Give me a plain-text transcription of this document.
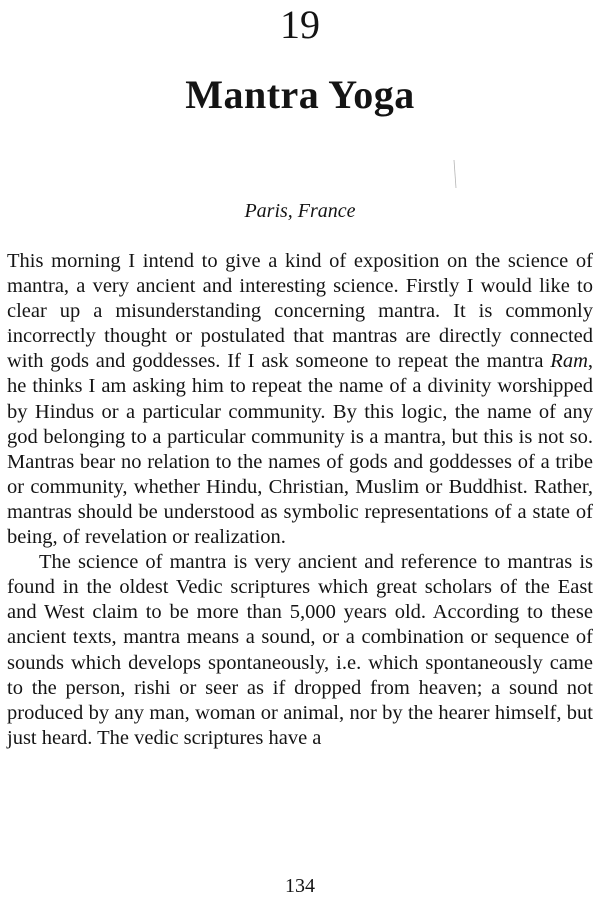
19
Mantra Yoga

Paris, France

This morning I intend to give a kind of exposition on the science of mantra, a very ancient and interesting science. Firstly I would like to clear up a misunderstanding concerning mantra. It is commonly incorrectly thought or postulated that mantras are directly connected with gods and goddesses. If I ask someone to repeat the mantra Ram, he thinks I am asking him to repeat the name of a divinity worshipped by Hindus or a particular community. By this logic, the name of any god belonging to a particular community is a mantra, but this is not so. Mantras bear no relation to the names of gods and goddesses of a tribe or community, whether Hindu, Christian, Muslim or Buddhist. Rather, mantras should be understood as symbolic representations of a state of being, of revelation or realization.

The science of mantra is very ancient and reference to mantras is found in the oldest Vedic scriptures which great scholars of the East and West claim to be more than 5,000 years old. According to these ancient texts, mantra means a sound, or a combination or sequence of sounds which develops spontaneously, i.e. which spontaneously came to the person, rishi or seer as if dropped from heaven; a sound not produced by any man, woman or animal, nor by the hearer himself, but just heard. The vedic scriptures have a

134
